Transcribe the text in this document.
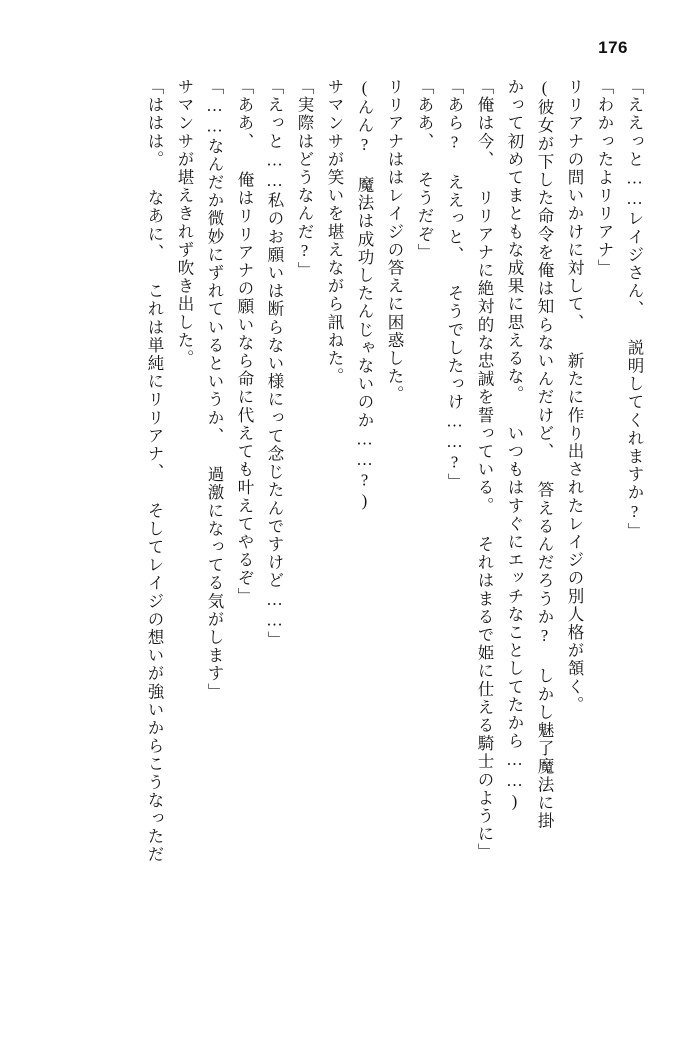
176
「ええっと……レイジさん、 説明してくれますか?」
「わかったよリリアナ」
リリアナの問いかけに対して、 新たに作り出されたレイジの別人格が頷く。
(彼女が下した命令を俺は知らないんだけど、 答えるんだろうか? しかし魅了魔法に掛
かって初めてまともな成果に思えるな。 いつもはすぐにエッチなことしてたから……)
「俺は今、 リリアナに絶対的な忠誠を誓っている。 それはまるで姫に仕える騎士のように」
「あら? ええっと、 そうでしたっけ……?」
「ああ、 そうだぞ」
リリアナははレイジの答えに困惑した。
(んん? 魔法は成功したんじゃないのか……?)
サマンサが笑いを堪えながら訊ねた。
「実際はどうなんだ?」
「えっと……私のお願いは断らない様にって念じたんですけど……」
「ああ、 俺はリリアナの願いなら命に代えても叶えてやるぞ」
「……なんだか微妙にずれているというか、 過激になってる気がします」
サマンサが堪えきれず吹き出した。
「ははは。 なあに、 これは単純にリリアナ、 そしてレイジの想いが強いからこうなっただ
